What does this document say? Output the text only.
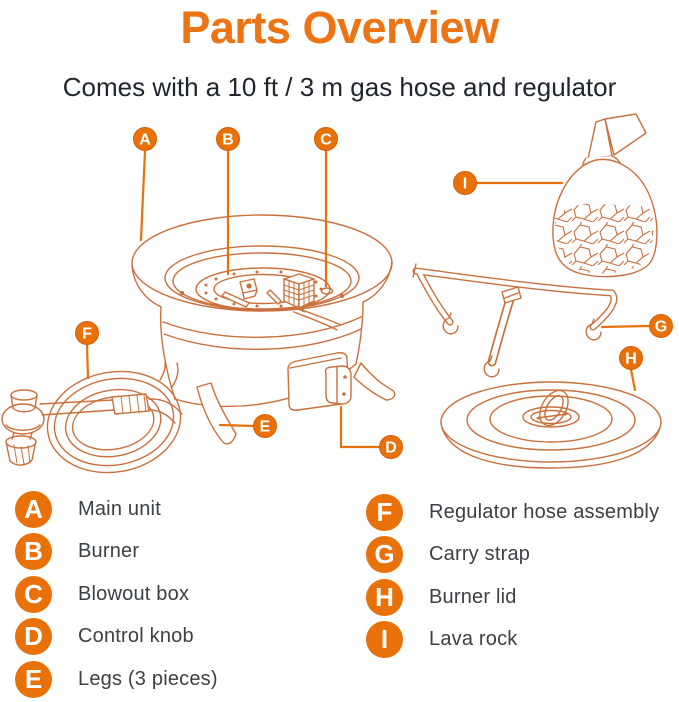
Parts Overview
Comes with a 10 ft / 3 m gas hose and regulator
A	B	C
I
F	G
H
E
D
A	Main unit
B	Burner
C	Blowout box
D	Control knob
E	Legs (3 pieces)
F	Regulator hose assembly
G	Carry strap
H	Burner lid
I	Lava rock
